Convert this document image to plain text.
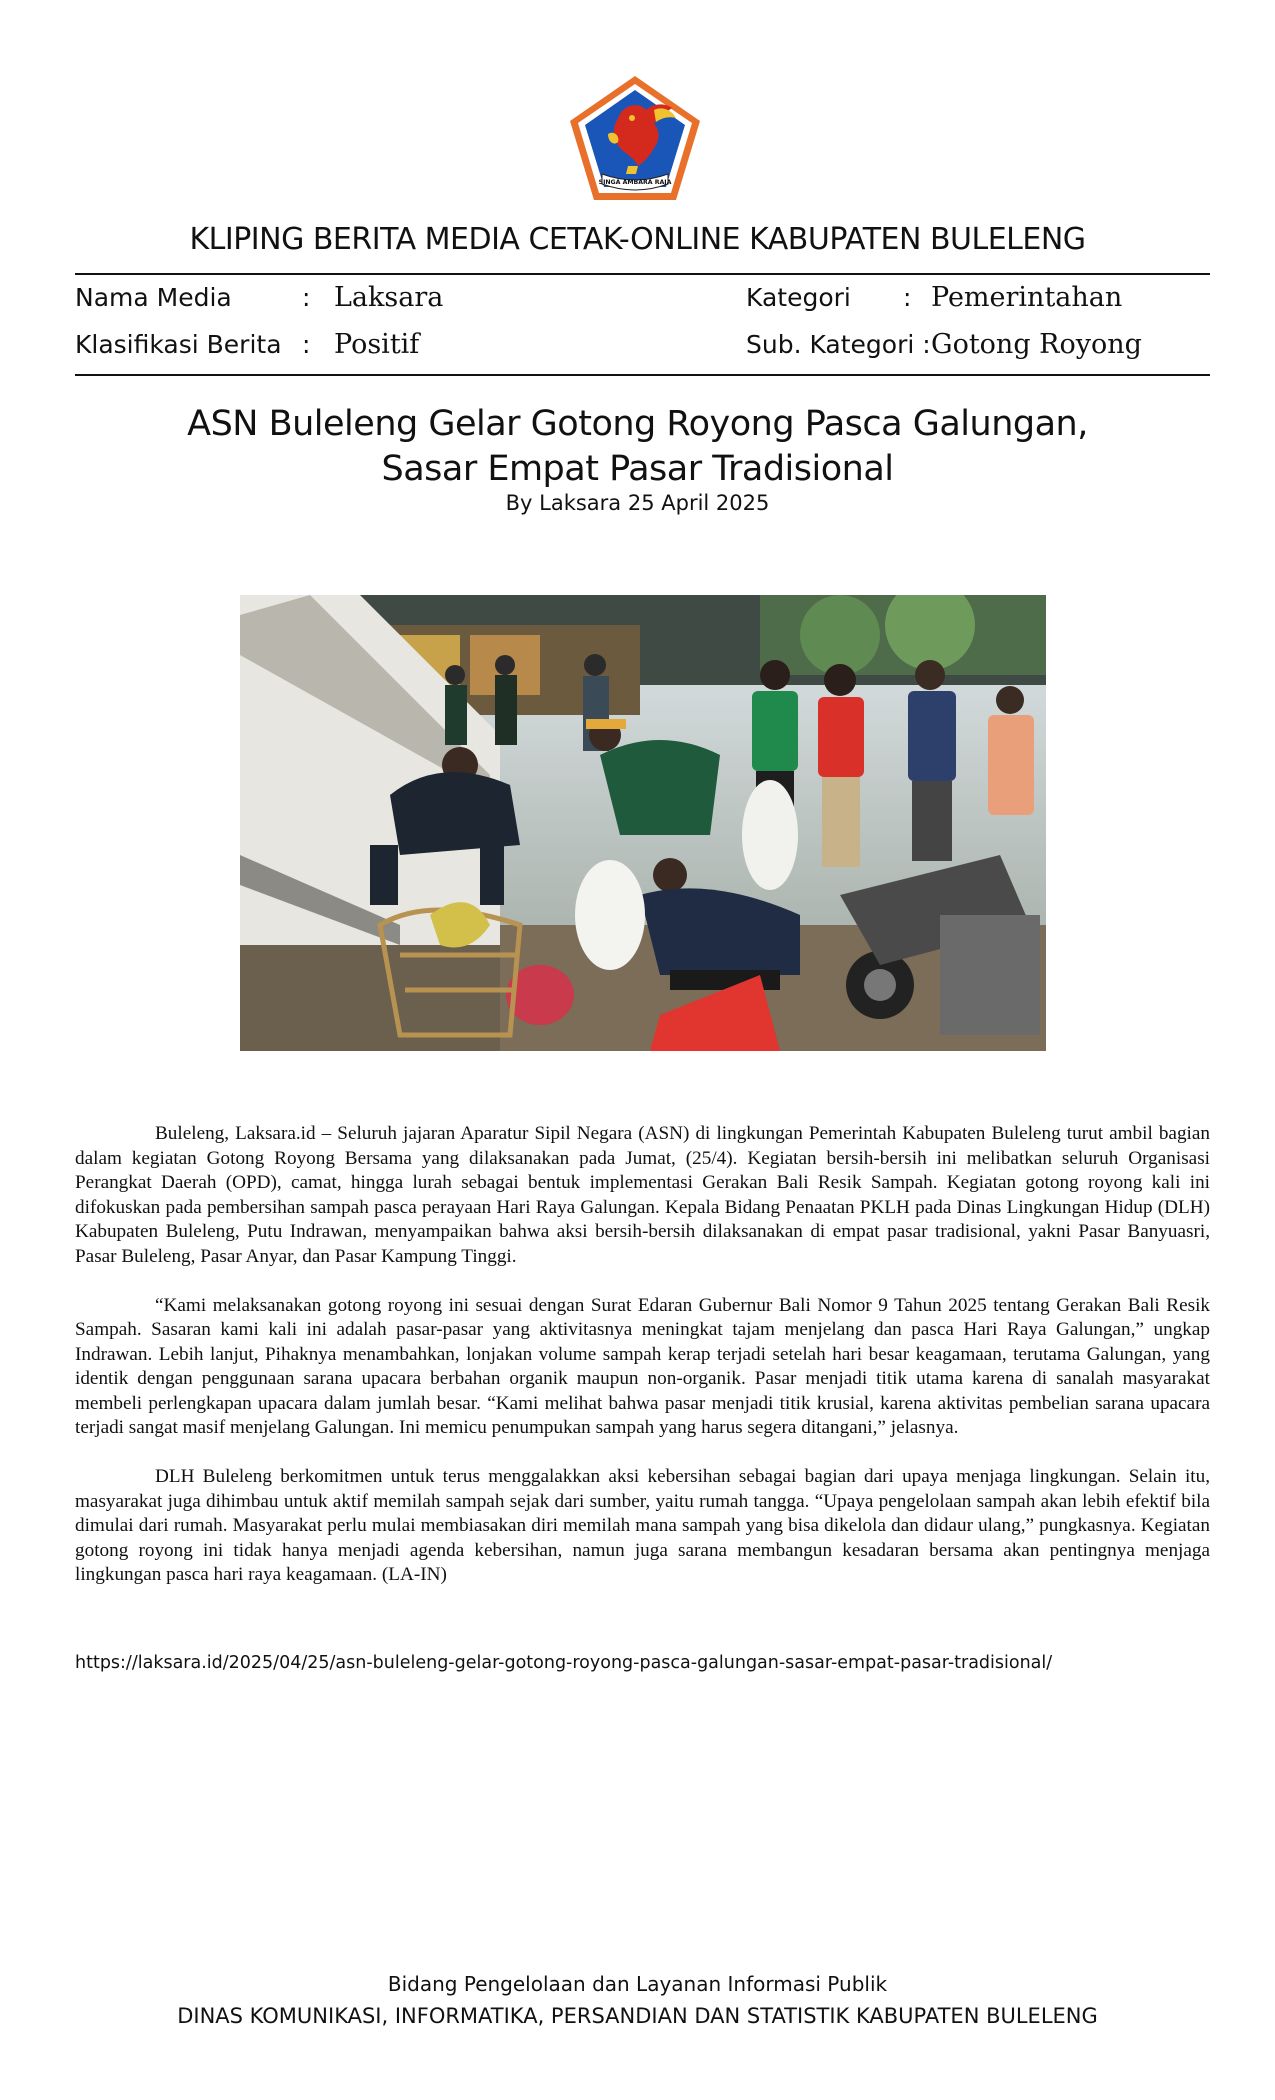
SINGA AMBARA RAJA
KLIPING BERITA MEDIA CETAK-ONLINE KABUPATEN BULELENG
Nama Media	: Laksara	Kategori : Pemerintahan
Klasifikasi Berita : Positif	Sub. Kategori : Gotong Royong
ASN Buleleng Gelar Gotong Royong Pasca Galungan,
Sasar Empat Pasar Tradisional
By Laksara 25 April 2025

Buleleng, Laksara.id – Seluruh jajaran Aparatur Sipil Negara (ASN) di lingkungan Pemerintah Kabupaten Buleleng turut ambil bagian dalam kegiatan Gotong Royong Bersama yang dilaksanakan pada Jumat, (25/4). Kegiatan bersih-bersih ini melibatkan seluruh Organisasi Perangkat Daerah (OPD), camat, hingga lurah sebagai bentuk implementasi Gerakan Bali Resik Sampah. Kegiatan gotong royong kali ini difokuskan pada pembersihan sampah pasca perayaan Hari Raya Galungan. Kepala Bidang Penaatan PKLH pada Dinas Lingkungan Hidup (DLH) Kabupaten Buleleng, Putu Indrawan, menyampaikan bahwa aksi bersih-bersih dilaksanakan di empat pasar tradisional, yakni Pasar Banyuasri, Pasar Buleleng, Pasar Anyar, dan Pasar Kampung Tinggi.

“Kami melaksanakan gotong royong ini sesuai dengan Surat Edaran Gubernur Bali Nomor 9 Tahun 2025 tentang Gerakan Bali Resik Sampah. Sasaran kami kali ini adalah pasar-pasar yang aktivitasnya meningkat tajam menjelang dan pasca Hari Raya Galungan,” ungkap Indrawan. Lebih lanjut, Pihaknya menambahkan, lonjakan volume sampah kerap terjadi setelah hari besar keagamaan, terutama Galungan, yang identik dengan penggunaan sarana upacara berbahan organik maupun non-organik. Pasar menjadi titik utama karena di sanalah masyarakat membeli perlengkapan upacara dalam jumlah besar. “Kami melihat bahwa pasar menjadi titik krusial, karena aktivitas pembelian sarana upacara terjadi sangat masif menjelang Galungan. Ini memicu penumpukan sampah yang harus segera ditangani,” jelasnya.

DLH Buleleng berkomitmen untuk terus menggalakkan aksi kebersihan sebagai bagian dari upaya menjaga lingkungan. Selain itu, masyarakat juga dihimbau untuk aktif memilah sampah sejak dari sumber, yaitu rumah tangga. “Upaya pengelolaan sampah akan lebih efektif bila dimulai dari rumah. Masyarakat perlu mulai membiasakan diri memilah mana sampah yang bisa dikelola dan didaur ulang,” pungkasnya. Kegiatan gotong royong ini tidak hanya menjadi agenda kebersihan, namun juga sarana membangun kesadaran bersama akan pentingnya menjaga lingkungan pasca hari raya keagamaan. (LA-IN)

https://laksara.id/2025/04/25/asn-buleleng-gelar-gotong-royong-pasca-galungan-sasar-empat-pasar-tradisional/
Bidang Pengelolaan dan Layanan Informasi Publik
DINAS KOMUNIKASI, INFORMATIKA, PERSANDIAN DAN STATISTIK KABUPATEN BULELENG
